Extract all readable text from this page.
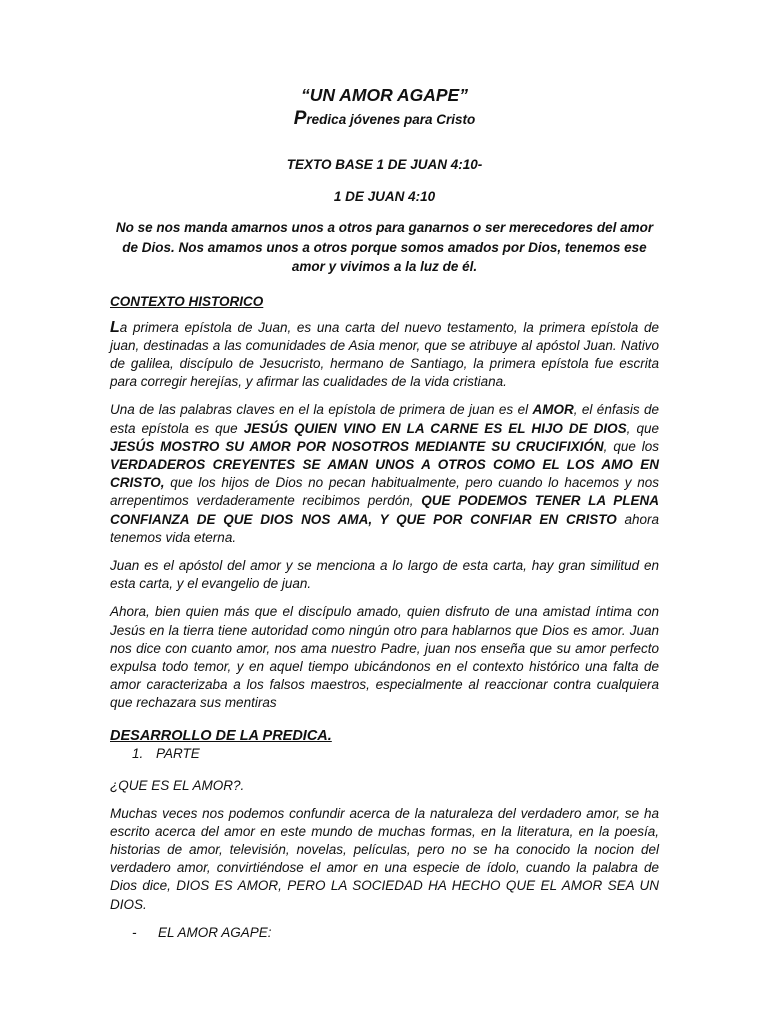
“UN AMOR AGAPE”

Predica jóvenes para Cristo

TEXTO BASE 1 DE JUAN 4:10-

1 DE JUAN 4:10

No se nos manda amarnos unos a otros para ganarnos o ser merecedores del amor de Dios. Nos amamos unos a otros porque somos amados por Dios, tenemos ese amor y vivimos a la luz de él.

CONTEXTO HISTORICO

La primera epístola de Juan, es una carta del nuevo testamento, la primera epístola de juan, destinadas a las comunidades de Asia menor, que se atribuye al apóstol Juan. Nativo de galilea, discípulo de Jesucristo, hermano de Santiago, la primera epístola fue escrita para corregir herejías, y afirmar las cualidades de la vida cristiana.

Una de las palabras claves en el la epístola de primera de juan es el AMOR, el énfasis de esta epístola es que JESÚS QUIEN VINO EN LA CARNE ES EL HIJO DE DIOS, que JESÚS MOSTRO SU AMOR POR NOSOTROS MEDIANTE SU CRUCIFIXIÓN, que los VERDADEROS CREYENTES SE AMAN UNOS A OTROS COMO EL LOS AMO EN CRISTO, que los hijos de Dios no pecan habitualmente, pero cuando lo hacemos y nos arrepentimos verdaderamente recibimos perdón, QUE PODEMOS TENER LA PLENA CONFIANZA DE QUE DIOS NOS AMA, Y QUE POR CONFIAR EN CRISTO ahora tenemos vida eterna.

Juan es el apóstol del amor y se menciona a lo largo de esta carta, hay gran similitud en esta carta, y el evangelio de juan.

Ahora, bien quien más que el discípulo amado, quien disfruto de una amistad íntima con Jesús en la tierra tiene autoridad como ningún otro para hablarnos que Dios es amor. Juan nos dice con cuanto amor, nos ama nuestro Padre, juan nos enseña que su amor perfecto expulsa todo temor, y en aquel tiempo ubicándonos en el contexto histórico una falta de amor caracterizaba a los falsos maestros, especialmente al reaccionar contra cualquiera que rechazara sus mentiras

DESARROLLO DE LA PREDICA.

1. PARTE

¿QUE ES EL AMOR?.

Muchas veces nos podemos confundir acerca de la naturaleza del verdadero amor, se ha escrito acerca del amor en este mundo de muchas formas, en la literatura, en la poesía, historias de amor, televisión, novelas, películas, pero no se ha conocido la nocion del verdadero amor, convirtiéndose el amor en una especie de ídolo, cuando la palabra de Dios dice, DIOS ES AMOR, PERO LA SOCIEDAD HA HECHO QUE EL AMOR SEA UN DIOS.

- EL AMOR AGAPE:
